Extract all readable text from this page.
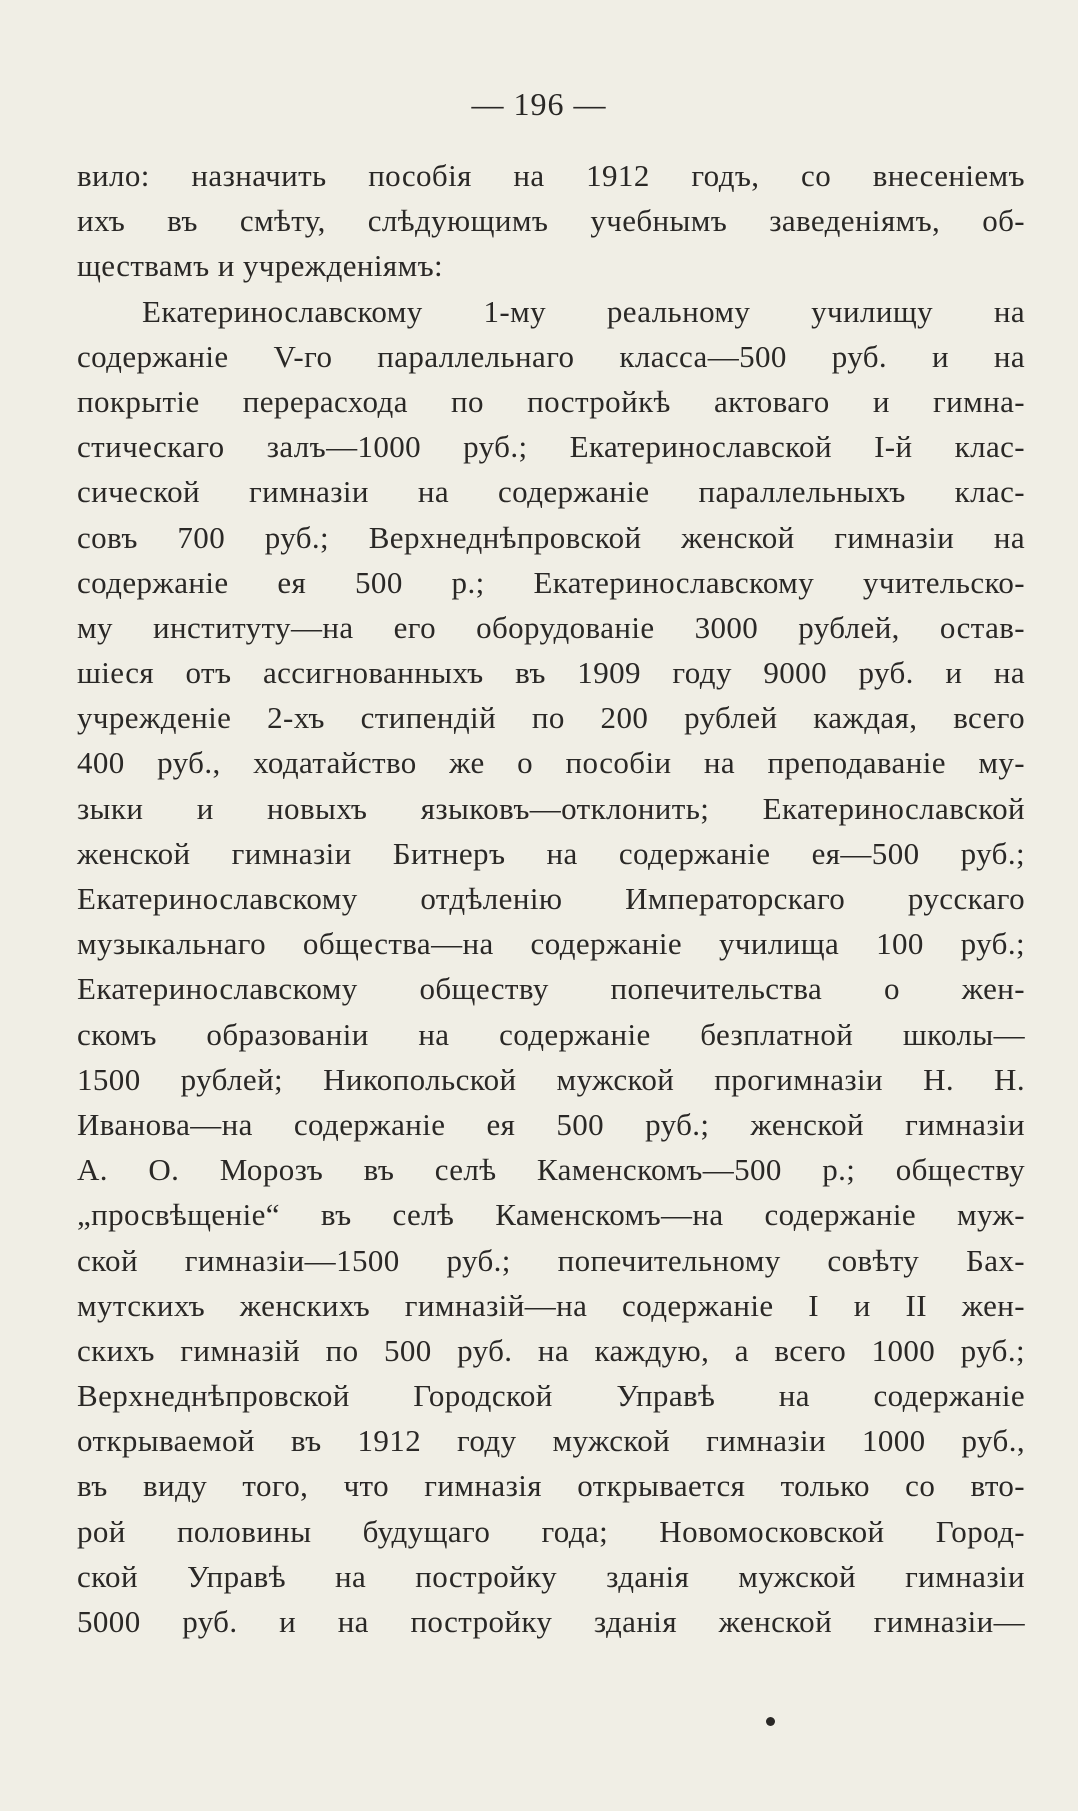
— 196 —
вило: назначить пособія на 1912 годъ, со внесеніемъ
ихъ въ смѣту, слѣдующимъ учебнымъ заведеніямъ, об-
ществамъ и учрежденіямъ:
Екатеринославскому 1-му реальному училищу на
содержаніе V-го параллельнаго класса—500 руб. и на
покрытіе перерасхода по постройкѣ актоваго и гимна-
стическаго залъ—1000 руб.; Екатеринославской I-й клас-
сической гимназіи на содержаніе параллельныхъ клас-
совъ 700 руб.; Верхнеднѣпровской женской гимназіи на
содержаніе ея 500 р.; Екатеринославскому учительско-
му институту—на его оборудованіе 3000 рублей, остав-
шіеся отъ ассигнованныхъ въ 1909 году 9000 руб. и на
учрежденіе 2-хъ стипендій по 200 рублей каждая, всего
400 руб., ходатайство же о пособіи на преподаваніе му-
зыки и новыхъ языковъ—отклонить; Екатеринославской
женской гимназіи Битнеръ на содержаніе ея—500 руб.;
Екатеринославскому отдѣленію Императорскаго русскаго
музыкальнаго общества—на содержаніе училища 100 руб.;
Екатеринославскому обществу попечительства о жен-
скомъ образованіи на содержаніе безплатной школы—
1500 рублей; Никопольской мужской прогимназіи Н. Н.
Иванова—на содержаніе ея 500 руб.; женской гимназіи
А. О. Морозъ въ селѣ Каменскомъ—500 р.; обществу
„просвѣщеніе“ въ селѣ Каменскомъ—на содержаніе муж-
ской гимназіи—1500 руб.; попечительному совѣту Бах-
мутскихъ женскихъ гимназій—на содержаніе I и II жен-
скихъ гимназій по 500 руб. на каждую, а всего 1000 руб.;
Верхнеднѣпровской Городской Управѣ на содержаніе
открываемой въ 1912 году мужской гимназіи 1000 руб.,
въ виду того, что гимназія открывается только со вто-
рой половины будущаго года; Новомосковской Город-
ской Управѣ на постройку зданія мужской гимназіи
5000 руб. и на постройку зданія женской гимназіи—
